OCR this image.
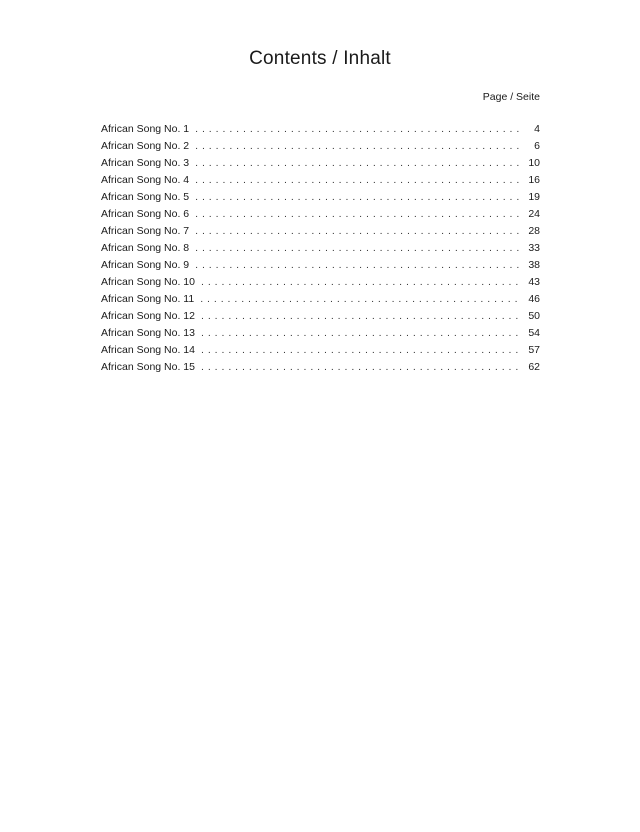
Contents / Inhalt
Page / Seite
African Song No. 1 . . .	4
African Song No. 2 . . .	6
African Song No. 3 . . .	10
African Song No. 4 . . .	16
African Song No. 5 . . .	19
African Song No. 6 . . .	24
African Song No. 7 . . .	28
African Song No. 8 . . .	33
African Song No. 9 . . .	38
African Song No. 10 . . .	43
African Song No. 11 . . .	46
African Song No. 12 . . .	50
African Song No. 13 . . .	54
African Song No. 14 . . .	57
African Song No. 15 . . .	62
